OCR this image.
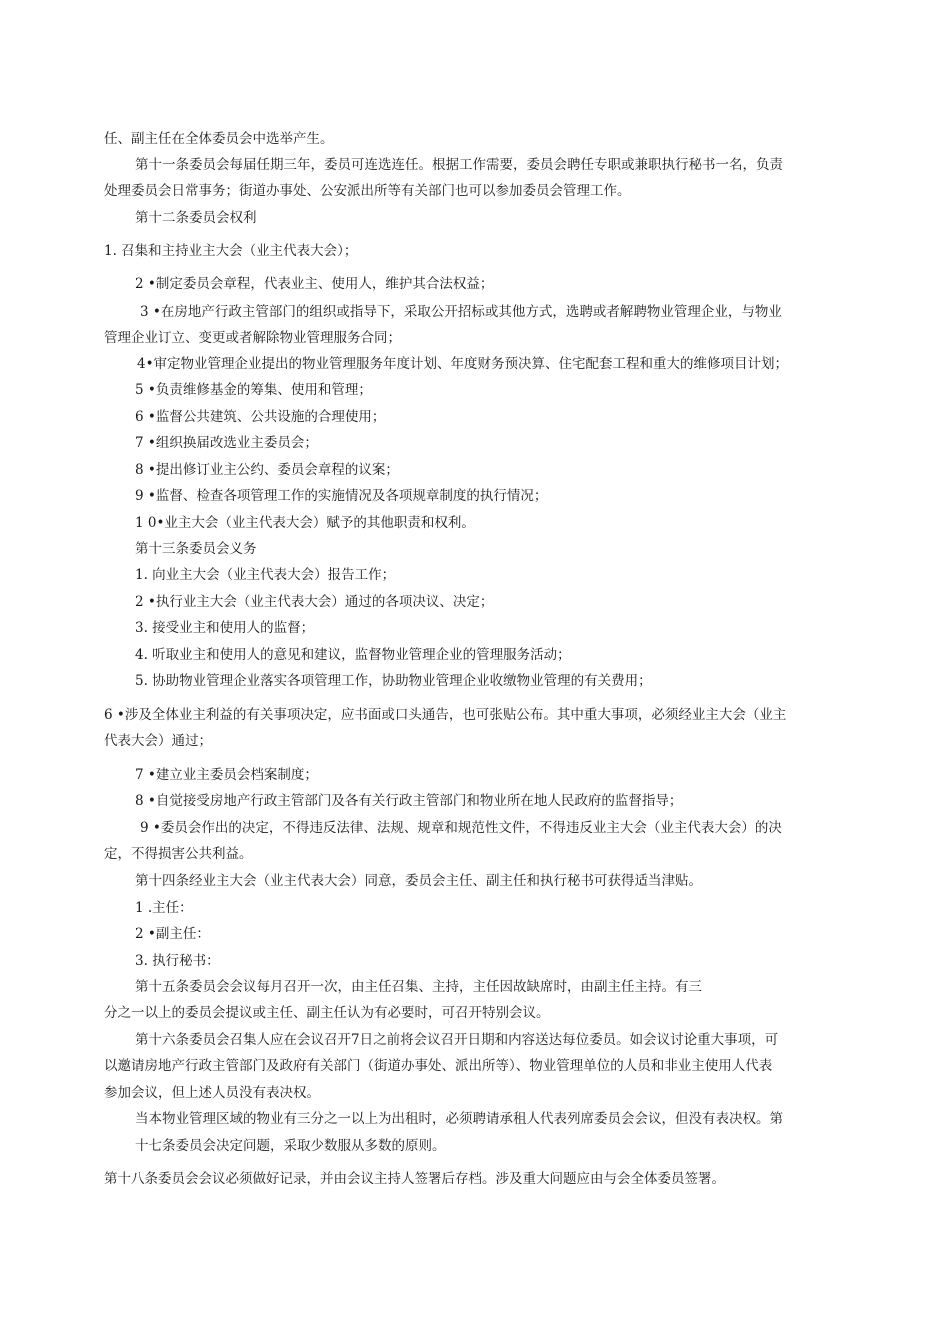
任、副主任在全体委员会中选举产生。
第十一条委员会每届任期三年，委员可连选连任。根据工作需要，委员会聘任专职或兼职执行秘书一名，负责
处理委员会日常事务；街道办事处、公安派出所等有关部门也可以参加委员会管理工作。
第十二条委员会权利
1. 召集和主持业主大会（业主代表大会）；
2 •制定委员会章程，代表业主、使用人，维护其合法权益；
3 •在房地产行政主管部门的组织或指导下，采取公开招标或其他方式，选聘或者解聘物业管理企业，与物业
管理企业订立、变更或者解除物业管理服务合同；
4•审定物业管理企业提出的物业管理服务年度计划、年度财务预决算、住宅配套工程和重大的维修项目计划；
5 •负责维修基金的筹集、使用和管理；
6 •监督公共建筑、公共设施的合理使用；
7 •组织换届改选业主委员会；
8 •提出修订业主公约、委员会章程的议案；
9 •监督、检查各项管理工作的实施情况及各项规章制度的执行情况；
1 0•业主大会（业主代表大会）赋予的其他职责和权利。
第十三条委员会义务
1. 向业主大会（业主代表大会）报告工作；
2 •执行业主大会（业主代表大会）通过的各项决议、决定；
3. 接受业主和使用人的监督；
4. 听取业主和使用人的意见和建议，监督物业管理企业的管理服务活动；
5. 协助物业管理企业落实各项管理工作，协助物业管理企业收缴物业管理的有关费用；
6 •涉及全体业主利益的有关事项决定，应书面或口头通告，也可张贴公布。其中重大事项，必须经业主大会（业主
代表大会）通过；
7 •建立业主委员会档案制度；
8 •自觉接受房地产行政主管部门及各有关行政主管部门和物业所在地人民政府的监督指导；
9 •委员会作出的决定，不得违反法律、法规、规章和规范性文件，不得违反业主大会（业主代表大会）的决
定，不得损害公共利益。
第十四条经业主大会（业主代表大会）同意，委员会主任、副主任和执行秘书可获得适当津贴。
1 .主任：
2 •副主任：
3. 执行秘书：
第十五条委员会会议每月召开一次，由主任召集、主持，主任因故缺席时，由副主任主持。有三
分之一以上的委员会提议或主任、副主任认为有必要时，可召开特别会议。
第十六条委员会召集人应在会议召开7日之前将会议召开日期和内容送达每位委员。如会议讨论重大事项，可
以邀请房地产行政主管部门及政府有关部门（街道办事处、派出所等）、物业管理单位的人员和非业主使用人代表
参加会议，但上述人员没有表决权。
当本物业管理区域的物业有三分之一以上为出租时，必须聘请承租人代表列席委员会会议，但没有表决权。第
十七条委员会决定问题，采取少数服从多数的原则。
第十八条委员会会议必须做好记录，并由会议主持人签署后存档。涉及重大问题应由与会全体委员签署。
